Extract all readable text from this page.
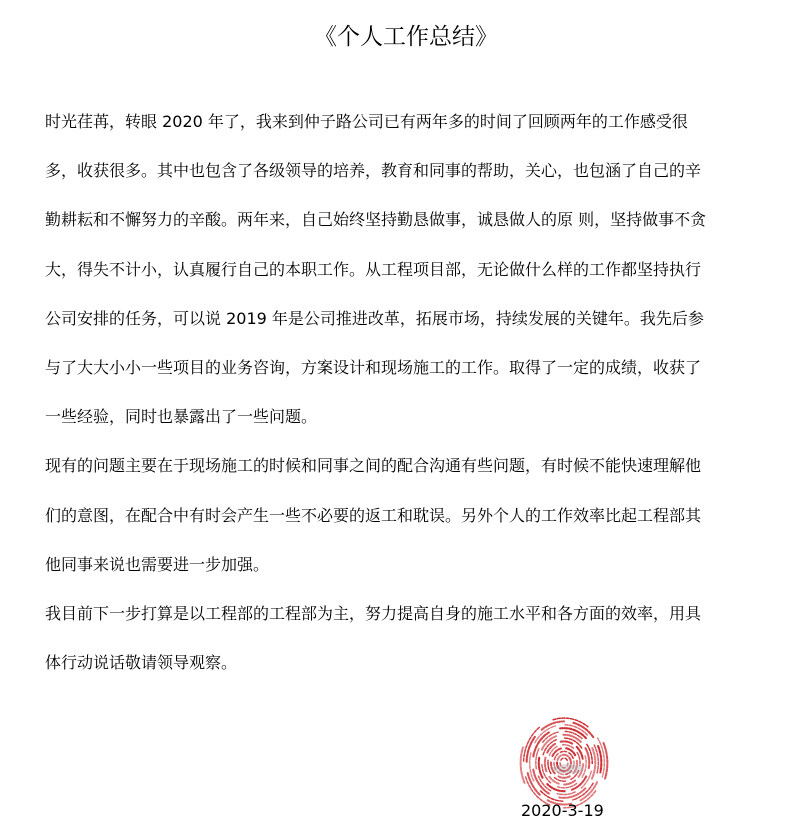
《个人工作总结》

时光荏苒，转眼 2020 年了，我来到仲子路公司已有两年多的时间了回顾两年的工作感受很多，收获很多。其中也包含了各级领导的培养，教育和同事的帮助，关心，也包涵了自己的辛勤耕耘和不懈努力的辛酸。两年来，自己始终坚持勤恳做事，诚恳做人的原 则，坚持做事不贪大，得失不计小，认真履行自己的本职工作。从工程项目部，无论做什么样的工作都坚持执行公司安排的任务，可以说 2019 年是公司推进改革，拓展市场，持续发展的关键年。我先后参与了大大小小一些项目的业务咨询，方案设计和现场施工的工作。取得了一定的成绩，收获了一些经验，同时也暴露出了一些问题。

现有的问题主要在于现场施工的时候和同事之间的配合沟通有些问题，有时候不能快速理解他们的意图，在配合中有时会产生一些不必要的返工和耽误。另外个人的工作效率比起工程部其他同事来说也需要进一步加强。

我目前下一步打算是以工程部的工程部为主，努力提高自身的施工水平和各方面的效率，用具体行动说话敬请领导观察。

2020-3-19
